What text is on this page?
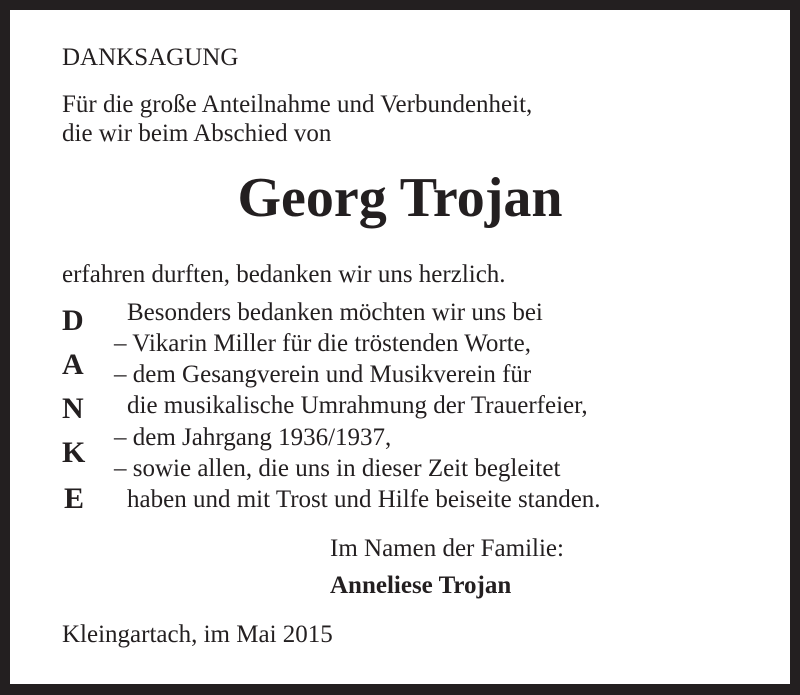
DANKSAGUNG
Für die große Anteilnahme und Verbundenheit,
die wir beim Abschied von
Georg Trojan
erfahren durften, bedanken wir uns herzlich.
D
A
N
K
E
Besonders bedanken möchten wir uns bei
– Vikarin Miller für die tröstenden Worte,
– dem Gesangverein und Musikverein für
die musikalische Umrahmung der Trauerfeier,
– dem Jahrgang 1936/1937,
– sowie allen, die uns in dieser Zeit begleitet
haben und mit Trost und Hilfe beiseite standen.
Im Namen der Familie:
Anneliese Trojan
Kleingartach, im Mai 2015
